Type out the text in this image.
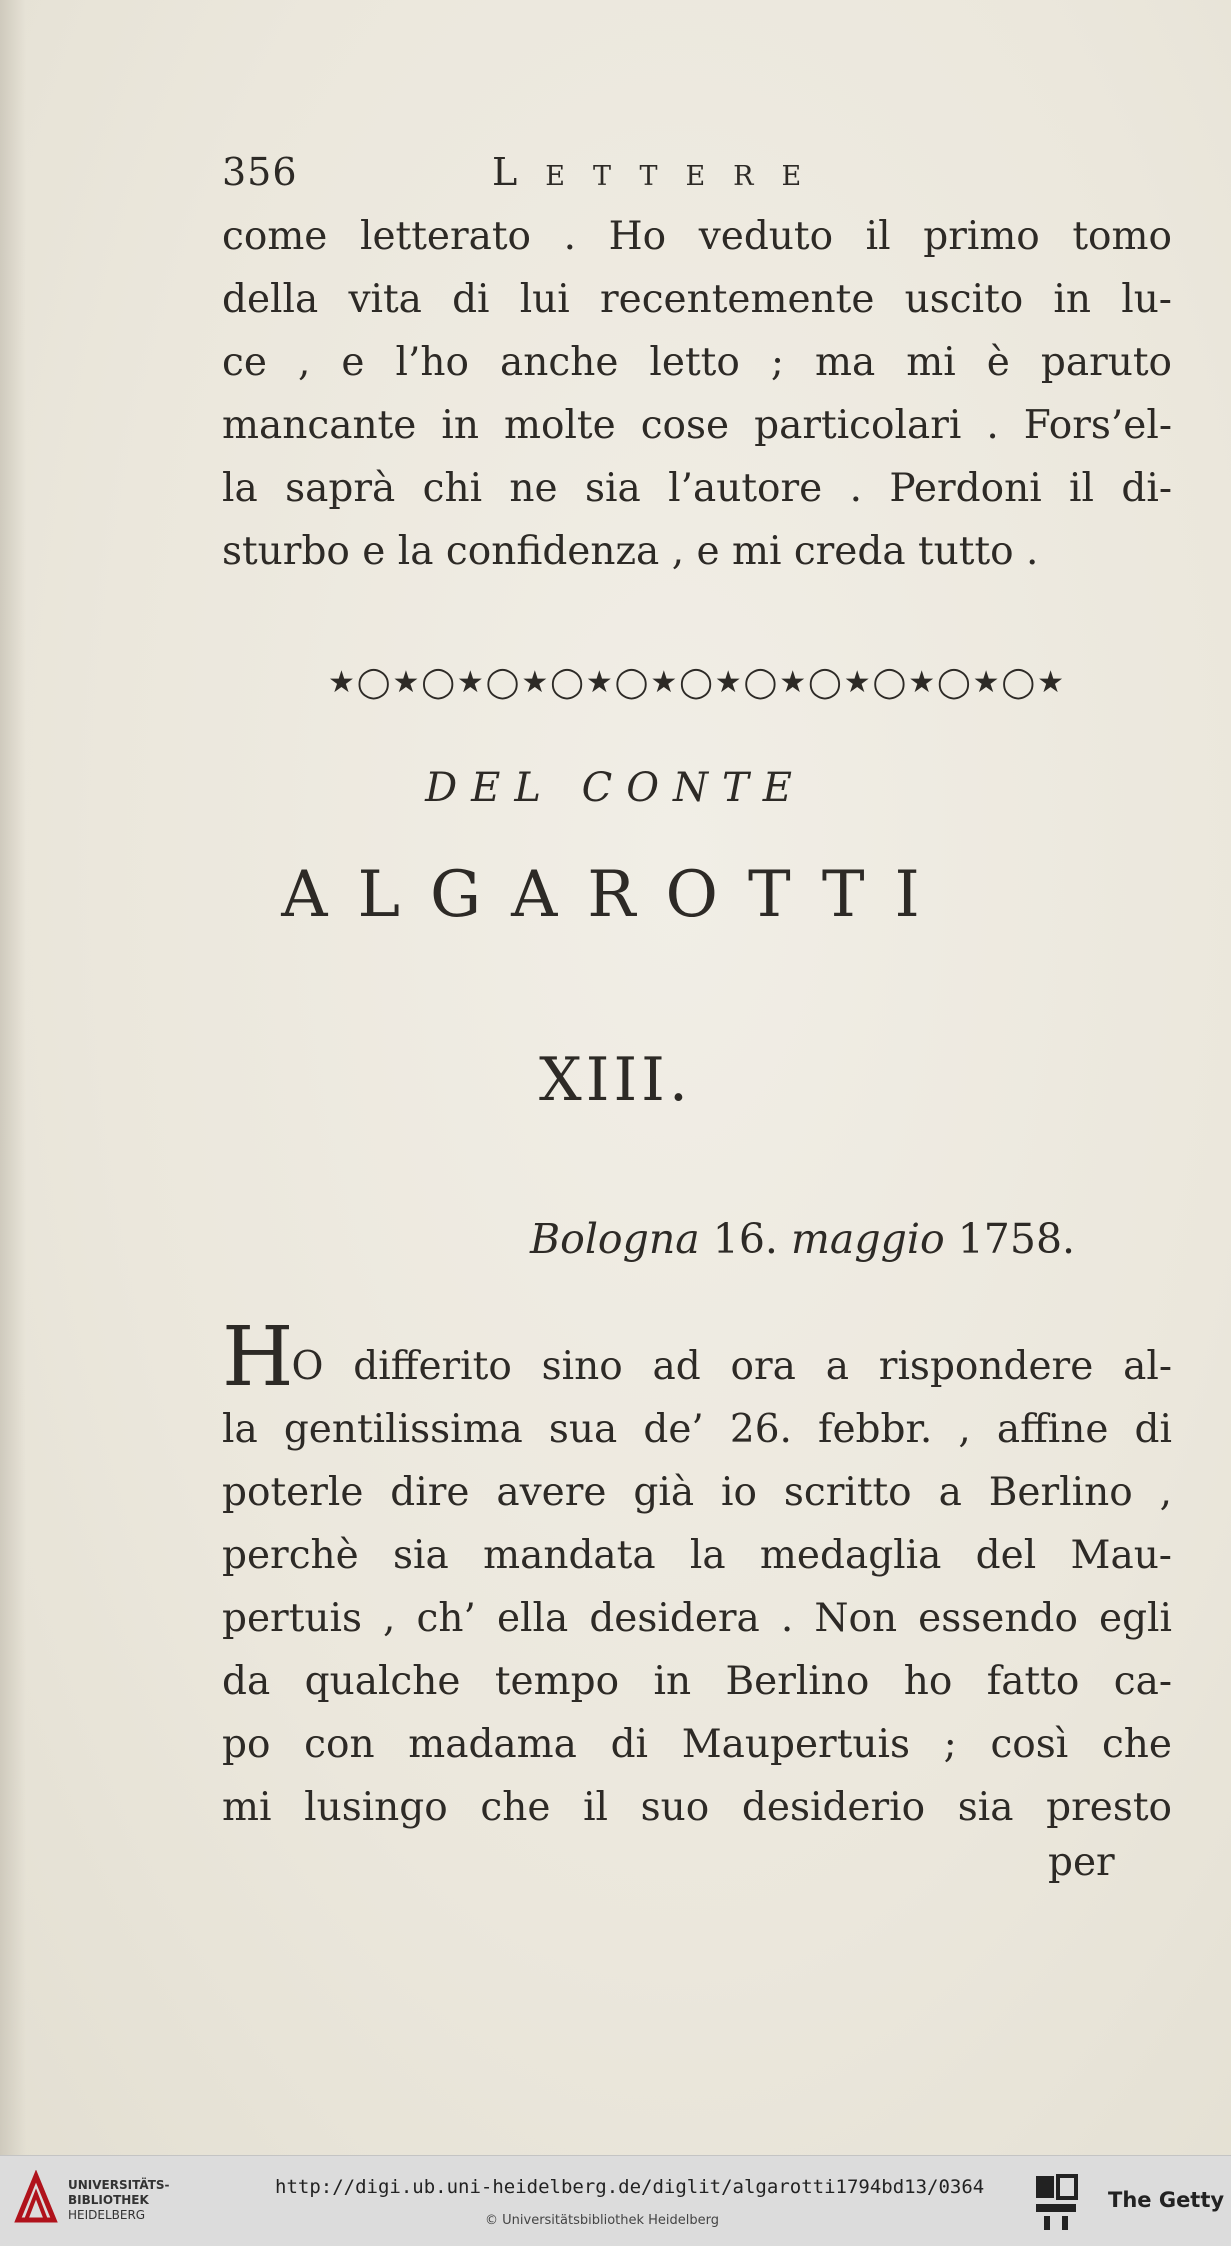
356	Lettere
come letterato . Ho veduto il primo tomo
della vita di lui recentemente uscito in lu-
ce , e l’ho anche letto ; ma mi è paruto
mancante in molte cose particolari . Fors’el-
la saprà chi ne sia l’autore . Perdoni il di-
sturbo e la confidenza , e mi creda tutto .
★◯★◯★◯★◯★◯★◯★◯★◯★◯★◯★◯★
DEL CONTE
ALGAROTTI
XIII.
Bologna 16. maggio 1758.
HO differito sino ad ora a rispondere al-
la gentilissima sua de’ 26. febbr. , affine di
poterle dire avere già io scritto a Berlino ,
perchè sia mandata la medaglia del Mau-
pertuis , ch’ ella desidera . Non essendo egli
da qualche tempo in Berlino ho fatto ca-
po con madama di Maupertuis ; così che
mi lusingo che il suo desiderio sia presto
per
UNIVERSITÄTS-
BIBLIOTHEK
HEIDELBERG
http://digi.ub.uni-heidelberg.de/diglit/algarotti1794bd13/0364
© Universitätsbibliothek Heidelberg
The Getty
